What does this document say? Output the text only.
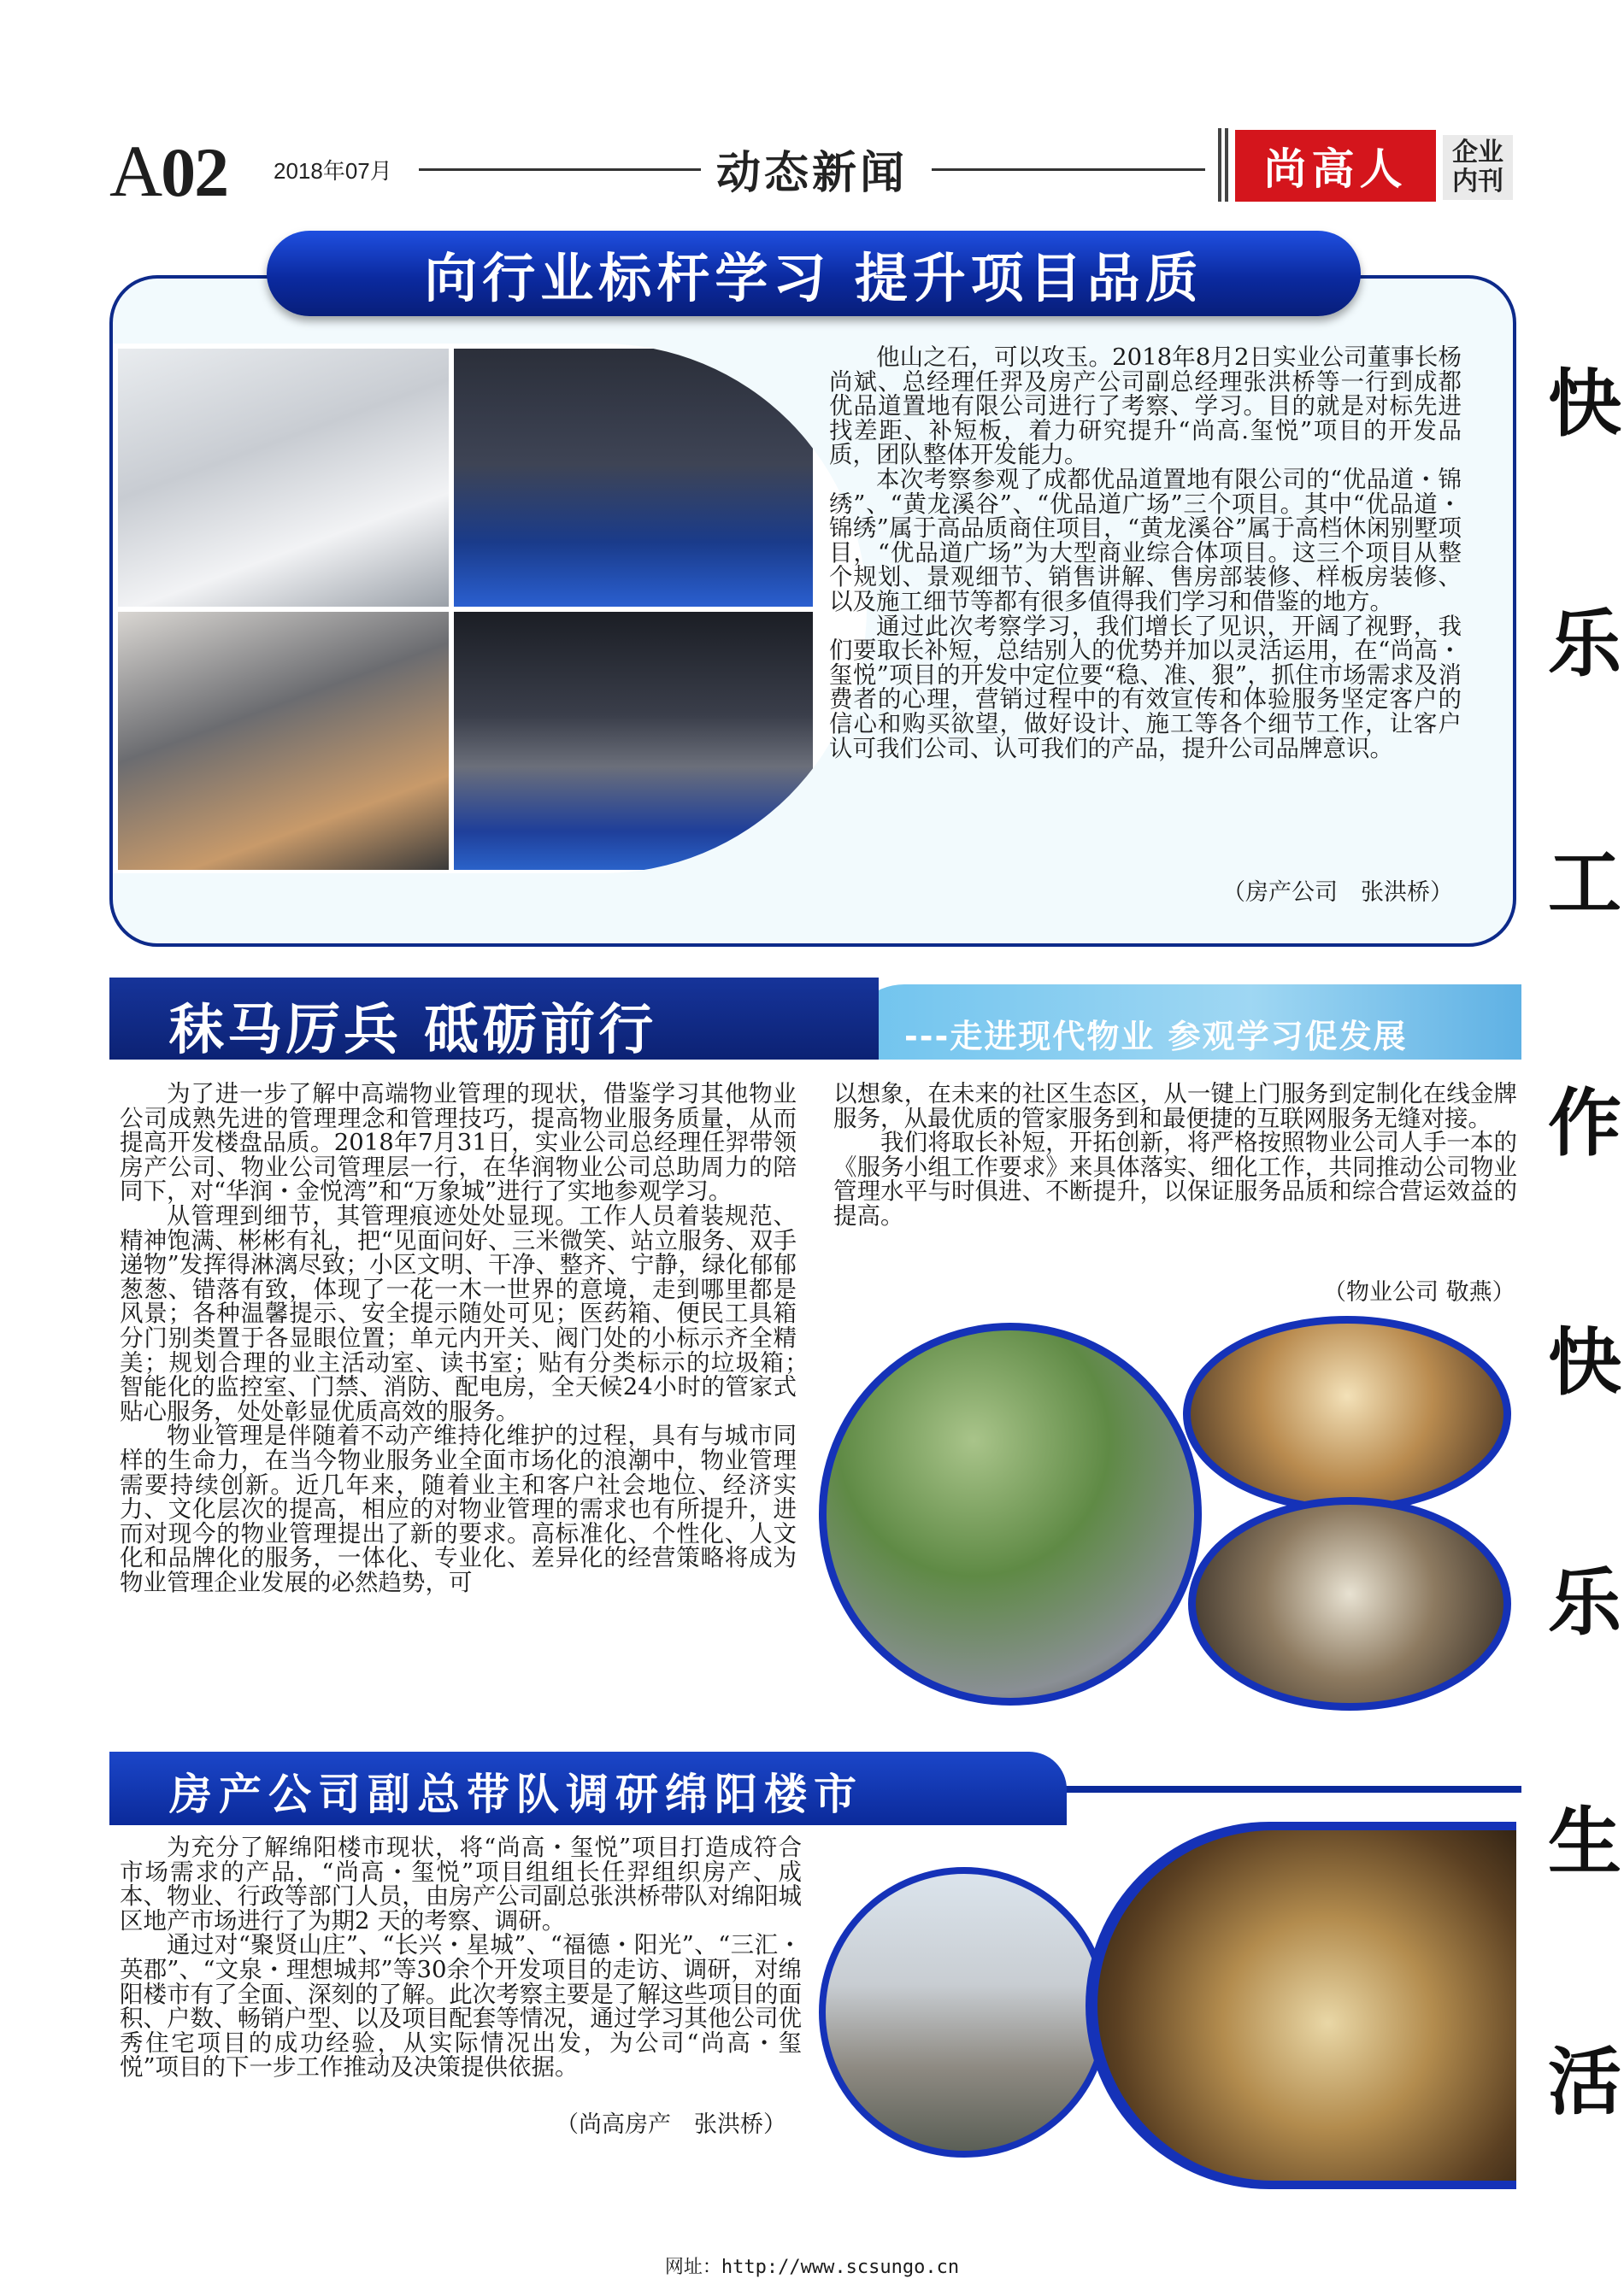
A02 2018年07月	动态新闻	尚高人	企业内刊
快
乐
工
作
快
乐
生
活
向行业标杆学习 提升项目品质

他山之石，可以攻玉。2018年8月2日实业公司董事长杨尚斌、总经理任羿及房产公司副总经理张洪桥等一行到成都优品道置地有限公司进行了考察、学习。目的就是对标先进找差距、补短板，着力研究提升“尚高.玺悦”项目的开发品质，团队整体开发能力。

本次考察参观了成都优品道置地有限公司的“优品道・锦绣”、“黄龙溪谷”、“优品道广场”三个项目。其中“优品道・锦绣”属于高品质商住项目，“黄龙溪谷”属于高档休闲别墅项目，“优品道广场”为大型商业综合体项目。这三个项目从整个规划、景观细节、销售讲解、售房部装修、样板房装修、以及施工细节等都有很多值得我们学习和借鉴的地方。

通过此次考察学习，我们增长了见识，开阔了视野，我们要取长补短，总结别人的优势并加以灵活运用，在“尚高・玺悦”项目的开发中定位要“稳、准、狠”，抓住市场需求及消费者的心理，营销过程中的有效宣传和体验服务坚定客户的信心和购买欲望，做好设计、施工等各个细节工作，让客户认可我们公司、认可我们的产品，提升公司品牌意识。

（房产公司　张洪桥）
秣马厉兵 砥砺前行	---走进现代物业 参观学习促发展

为了进一步了解中高端物业管理的现状，借鉴学习其他物业公司成熟先进的管理理念和管理技巧，提高物业服务质量，从而提高开发楼盘品质。2018年7月31日，实业公司总经理任羿带领房产公司、物业公司管理层一行，在华润物业公司总助周力的陪同下，对“华润・金悦湾”和“万象城”进行了实地参观学习。

从管理到细节，其管理痕迹处处显现。工作人员着装规范、精神饱满、彬彬有礼，把“见面问好、三米微笑、站立服务、双手递物”发挥得淋漓尽致；小区文明、干净、整齐、宁静，绿化郁郁葱葱、错落有致，体现了一花一木一世界的意境，走到哪里都是风景；各种温馨提示、安全提示随处可见；医药箱、便民工具箱分门别类置于各显眼位置；单元内开关、阀门处的小标示齐全精美；规划合理的业主活动室、读书室；贴有分类标示的垃圾箱；　智能化的监控室、门禁、消防、配电房，全天候24小时的管家式贴心服务，处处彰显优质高效的服务。

物业管理是伴随着不动产维持化维护的过程，具有与城市同样的生命力，在当今物业服务业全面市场化的浪潮中，物业管理需要持续创新。近几年来，随着业主和客户社会地位、经济实力、文化层次的提高，相应的对物业管理的需求也有所提升，进而对现今的物业管理提出了新的要求。高标准化、个性化、人文化和品牌化的服务，一体化、专业化、差异化的经营策略将成为物业管理企业发展的必然趋势，可

以想象，在未来的社区生态区，从一键上门服务到定制化在线金牌服务，从最优质的管家服务到和最便捷的互联网服务无缝对接。

我们将取长补短，开拓创新，将严格按照物业公司人手一本的《服务小组工作要求》来具体落实、细化工作，共同推动公司物业管理水平与时俱进、不断提升，以保证服务品质和综合营运效益的提高。

（物业公司 敬燕）
房产公司副总带队调研绵阳楼市

为充分了解绵阳楼市现状，将“尚高・玺悦”项目打造成符合市场需求的产品，“尚高・玺悦”项目组组长任羿组织房产、成本、物业、行政等部门人员，由房产公司副总张洪桥带队对绵阳城区地产市场进行了为期2 天的考察、调研。

通过对“聚贤山庄”、“长兴・星城”、“福德・阳光”、“三汇・英郡”、“文泉・理想城邦”等30余个开发项目的走访、调研，对绵阳楼市有了全面、深刻的了解。此次考察主要是了解这些项目的面积、户数、畅销户型、以及项目配套等情况，通过学习其他公司优秀住宅项目的成功经验，从实际情况出发，为公司“尚高・玺悦”项目的下一步工作推动及决策提供依据。

（尚高房产　张洪桥）
网址：http://www.scsungo.cn
